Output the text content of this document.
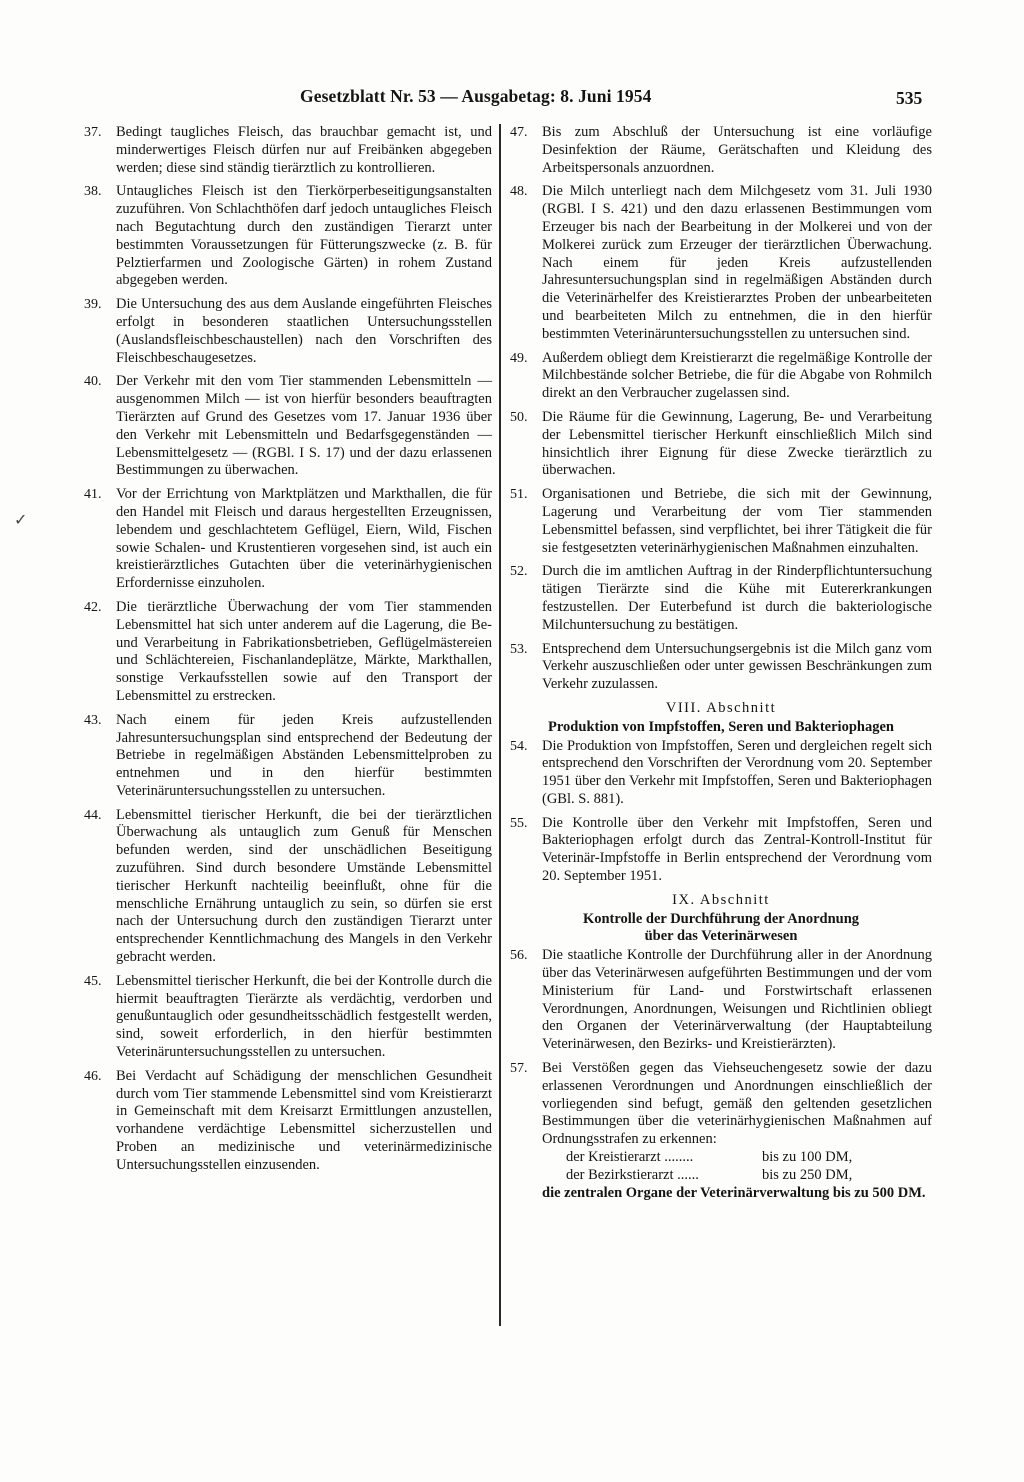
Gesetzblatt Nr. 53 — Ausgabetag: 8. Juni 1954	535
✓
37.	Bedingt taugliches Fleisch, das brauchbar gemacht ist, und minderwertiges Fleisch dürfen nur auf Freibänken abgegeben werden; diese sind ständig tierärztlich zu kontrollieren.
38.	Untaugliches Fleisch ist den Tierkörperbeseitigungsanstalten zuzuführen. Von Schlachthöfen darf jedoch untaugliches Fleisch nach Begutachtung durch den zuständigen Tierarzt unter bestimmten Voraussetzungen für Fütterungszwecke (z. B. für Pelztierfarmen und Zoologische Gärten) in rohem Zustand abgegeben werden.
39.	Die Untersuchung des aus dem Auslande eingeführten Fleisches erfolgt in besonderen staatlichen Untersuchungsstellen (Auslandsfleischbeschaustellen) nach den Vorschriften des Fleischbeschaugesetzes.
40.	Der Verkehr mit den vom Tier stammenden Lebensmitteln — ausgenommen Milch — ist von hierfür besonders beauftragten Tierärzten auf Grund des Gesetzes vom 17. Januar 1936 über den Verkehr mit Lebensmitteln und Bedarfsgegenständen — Lebensmittelgesetz — (RGBl. I S. 17) und der dazu erlassenen Bestimmungen zu überwachen.
41.	Vor der Errichtung von Marktplätzen und Markthallen, die für den Handel mit Fleisch und daraus hergestellten Erzeugnissen, lebendem und geschlachtetem Geflügel, Eiern, Wild, Fischen sowie Schalen- und Krustentieren vorgesehen sind, ist auch ein kreistierärztliches Gutachten über die veterinärhygienischen Erfordernisse einzuholen.
42.	Die tierärztliche Überwachung der vom Tier stammenden Lebensmittel hat sich unter anderem auf die Lagerung, die Be- und Verarbeitung in Fabrikationsbetrieben, Geflügelmästereien und Schlächtereien, Fischanlandeplätze, Märkte, Markthallen, sonstige Verkaufsstellen sowie auf den Transport der Lebensmittel zu erstrecken.
43.	Nach einem für jeden Kreis aufzustellenden Jahresuntersuchungsplan sind entsprechend der Bedeutung der Betriebe in regelmäßigen Abständen Lebensmittelproben zu entnehmen und in den hierfür bestimmten Veterinäruntersuchungsstellen zu untersuchen.
44.	Lebensmittel tierischer Herkunft, die bei der tierärztlichen Überwachung als untauglich zum Genuß für Menschen befunden werden, sind der unschädlichen Beseitigung zuzuführen. Sind durch besondere Umstände Lebensmittel tierischer Herkunft nachteilig beeinflußt, ohne für die menschliche Ernährung untauglich zu sein, so dürfen sie erst nach der Untersuchung durch den zuständigen Tierarzt unter entsprechender Kenntlichmachung des Mangels in den Verkehr gebracht werden.
45.	Lebensmittel tierischer Herkunft, die bei der Kontrolle durch die hiermit beauftragten Tierärzte als verdächtig, verdorben und genußuntauglich oder gesundheitsschädlich festgestellt werden, sind, soweit erforderlich, in den hierfür bestimmten Veterinäruntersuchungsstellen zu untersuchen.
46.	Bei Verdacht auf Schädigung der menschlichen Gesundheit durch vom Tier stammende Lebensmittel sind vom Kreistierarzt in Gemeinschaft mit dem Kreisarzt Ermittlungen anzustellen, vorhandene verdächtige Lebensmittel sicherzustellen und Proben an medizinische und veterinärmedizinische Untersuchungsstellen einzusenden.
47.	Bis zum Abschluß der Untersuchung ist eine vorläufige Desinfektion der Räume, Gerätschaften und Kleidung des Arbeitspersonals anzuordnen.
48.	Die Milch unterliegt nach dem Milchgesetz vom 31. Juli 1930 (RGBl. I S. 421) und den dazu erlassenen Bestimmungen vom Erzeuger bis nach der Bearbeitung in der Molkerei und von der Molkerei zurück zum Erzeuger der tierärztlichen Überwachung. Nach einem für jeden Kreis aufzustellenden Jahresuntersuchungsplan sind in regelmäßigen Abständen durch die Veterinärhelfer des Kreistierarztes Proben der unbearbeiteten und bearbeiteten Milch zu entnehmen, die in den hierfür bestimmten Veterinäruntersuchungsstellen zu untersuchen sind.
49.	Außerdem obliegt dem Kreistierarzt die regelmäßige Kontrolle der Milchbestände solcher Betriebe, die für die Abgabe von Rohmilch direkt an den Verbraucher zugelassen sind.
50.	Die Räume für die Gewinnung, Lagerung, Be- und Verarbeitung der Lebensmittel tierischer Herkunft einschließlich Milch sind hinsichtlich ihrer Eignung für diese Zwecke tierärztlich zu überwachen.
51.	Organisationen und Betriebe, die sich mit der Gewinnung, Lagerung und Verarbeitung der vom Tier stammenden Lebensmittel befassen, sind verpflichtet, bei ihrer Tätigkeit die für sie festgesetzten veterinärhygienischen Maßnahmen einzuhalten.
52.	Durch die im amtlichen Auftrag in der Rinderpflichtuntersuchung tätigen Tierärzte sind die Kühe mit Eutererkrankungen festzustellen. Der Euterbefund ist durch die bakteriologische Milchuntersuchung zu bestätigen.
53.	Entsprechend dem Untersuchungsergebnis ist die Milch ganz vom Verkehr auszuschließen oder unter gewissen Beschränkungen zum Verkehr zuzulassen.
VIII. Abschnitt
Produktion von Impfstoffen, Seren und Bakteriophagen
54.	Die Produktion von Impfstoffen, Seren und dergleichen regelt sich entsprechend den Vorschriften der Verordnung vom 20. September 1951 über den Verkehr mit Impfstoffen, Seren und Bakteriophagen (GBl. S. 881).
55.	Die Kontrolle über den Verkehr mit Impfstoffen, Seren und Bakteriophagen erfolgt durch das Zentral-Kontroll-Institut für Veterinär-Impfstoffe in Berlin entsprechend der Verordnung vom 20. September 1951.
IX. Abschnitt
Kontrolle der Durchführung der Anordnung
über das Veterinärwesen
56.	Die staatliche Kontrolle der Durchführung aller in der Anordnung über das Veterinärwesen aufgeführten Bestimmungen und der vom Ministerium für Land- und Forstwirtschaft erlassenen Verordnungen, Anordnungen, Weisungen und Richtlinien obliegt den Organen der Veterinärverwaltung (der Hauptabteilung Veterinärwesen, den Bezirks- und Kreistierärzten).
57.	Bei Verstößen gegen das Viehseuchengesetz sowie der dazu erlassenen Verordnungen und Anordnungen einschließlich der vorliegenden sind befugt, gemäß den geltenden gesetzlichen Bestimmungen über die veterinärhygienischen Maßnahmen auf Ordnungsstrafen zu erkennen:
der Kreistierarzt ........	bis zu 100 DM,
der Bezirkstierarzt ......	bis zu 250 DM,
die zentralen Organe der Veterinärverwaltung bis zu 500 DM.
